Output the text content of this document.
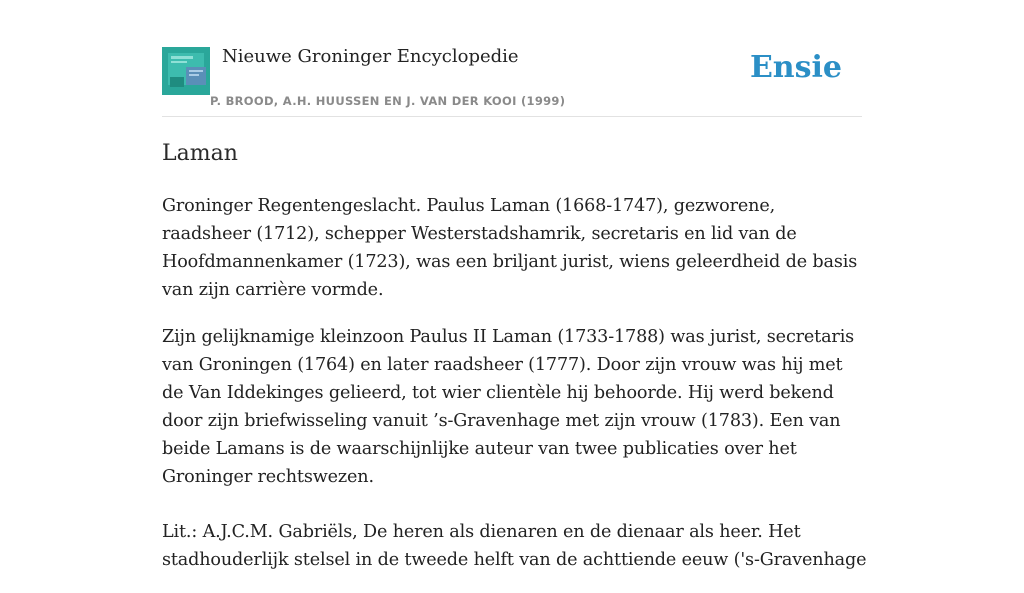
Nieuwe Groninger Encyclopedie
P. BROOD, A.H. HUUSSEN EN J. VAN DER KOOI (1999)
Ensie
Laman

Groninger Regentengeslacht. Paulus Laman (1668-1747), gezworene, raadsheer (1712), schepper Westerstadshamrik, secretaris en lid van de Hoofdmannenkamer (1723), was een briljant jurist, wiens geleerdheid de basis van zijn carrière vormde.

Zijn gelijknamige kleinzoon Paulus II Laman (1733-1788) was jurist, secretaris van Groningen (1764) en later raadsheer (1777). Door zijn vrouw was hij met de Van Iddekinges gelieerd, tot wier clientèle hij behoorde. Hij werd bekend door zijn briefwisseling vanuit ’s-Gravenhage met zijn vrouw (1783). Een van beide Lamans is de waarschijnlijke auteur van twee publicaties over het Groninger rechtswezen.

Lit.: A.J.C.M. Gabriëls, De heren als dienaren en de dienaar als heer. Het stadhouderlijk stelsel in de tweede helft van de achttiende eeuw ('s-Gravenhage
